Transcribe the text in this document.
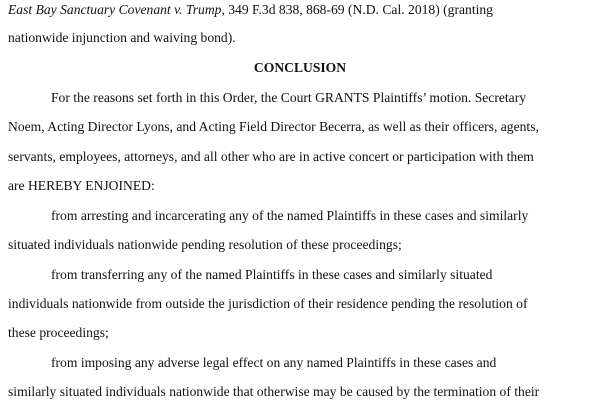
East Bay Sanctuary Covenant v. Trump, 349 F.3d 838, 868-69 (N.D. Cal. 2018) (granting
nationwide injunction and waiving bond).
CONCLUSION
For the reasons set forth in this Order, the Court GRANTS Plaintiffs’ motion. Secretary
Noem, Acting Director Lyons, and Acting Field Director Becerra, as well as their officers, agents,
servants, employees, attorneys, and all other who are in active concert or participation with them
are HEREBY ENJOINED:
from arresting and incarcerating any of the named Plaintiffs in these cases and similarly
situated individuals nationwide pending resolution of these proceedings;
from transferring any of the named Plaintiffs in these cases and similarly situated
individuals nationwide from outside the jurisdiction of their residence pending the resolution of
these proceedings;
from imposing any adverse legal effect on any named Plaintiffs in these cases and
similarly situated individuals nationwide that otherwise may be caused by the termination of their
